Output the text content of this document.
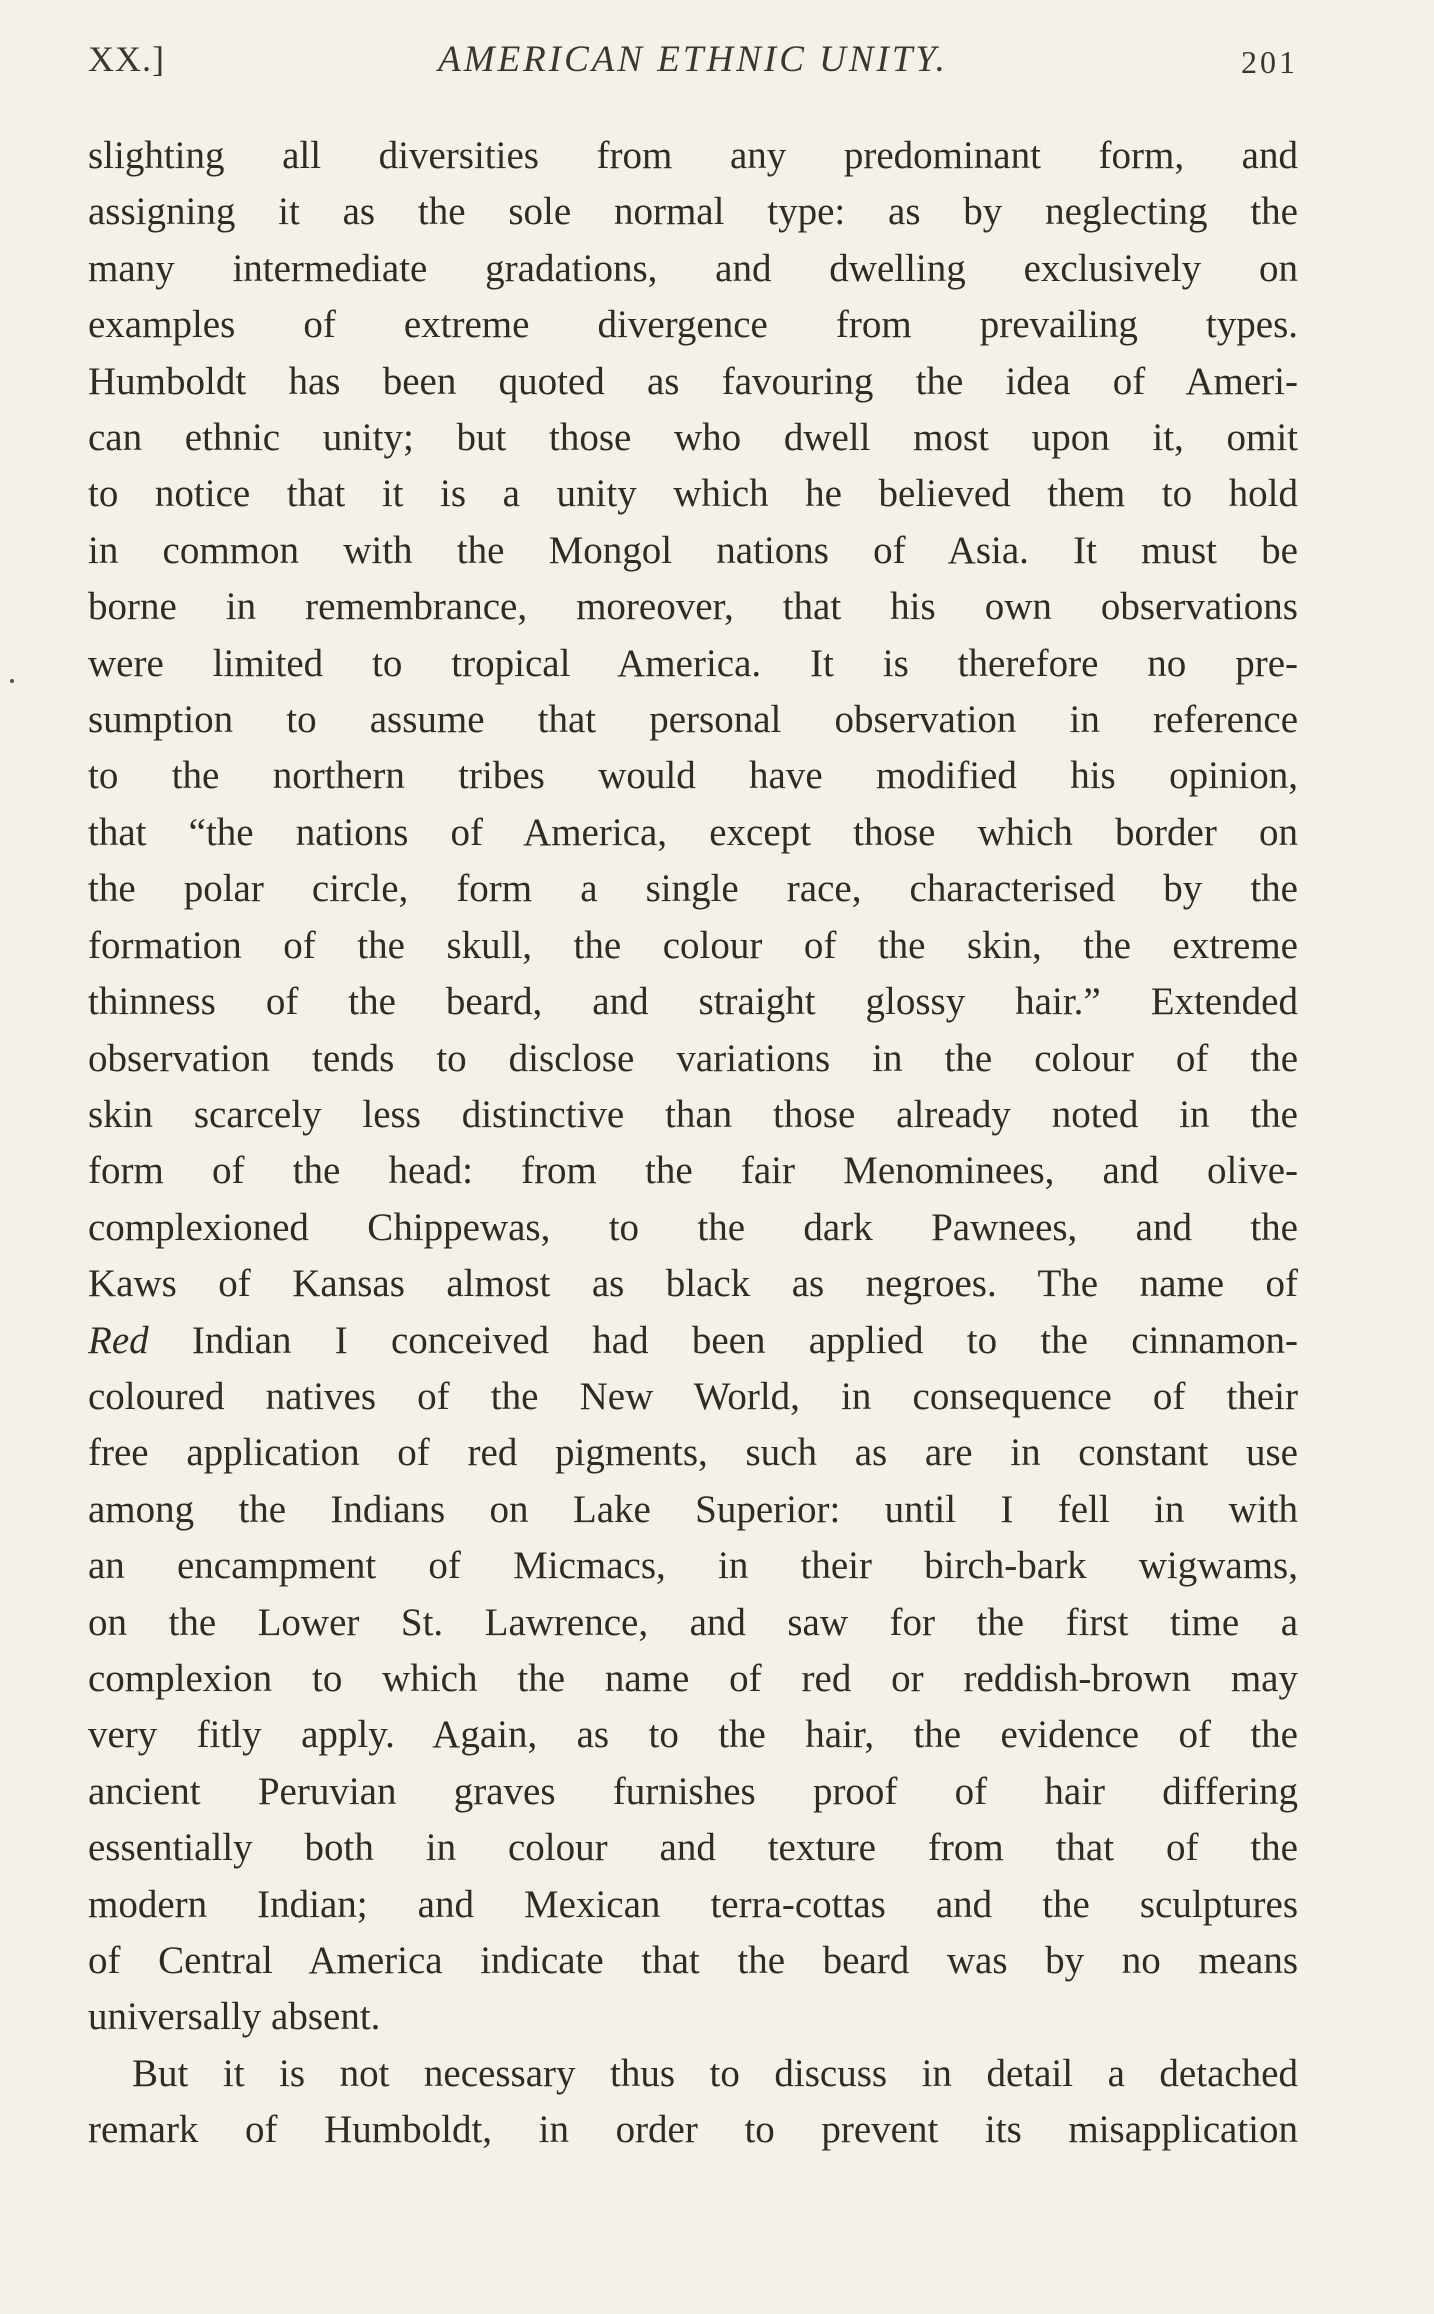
XX.]	AMERICAN ETHNIC UNITY.	201
slighting all diversities from any predominant form, and
assigning it as the sole normal type: as by neglecting the
many intermediate gradations, and dwelling exclusively on
examples of extreme divergence from prevailing types.
Humboldt has been quoted as favouring the idea of Ameri-
can ethnic unity; but those who dwell most upon it, omit
to notice that it is a unity which he believed them to hold
in common with the Mongol nations of Asia. It must be
borne in remembrance, moreover, that his own observations
were limited to tropical America. It is therefore no pre-
sumption to assume that personal observation in reference
to the northern tribes would have modified his opinion,
that “the nations of America, except those which border on
the polar circle, form a single race, characterised by the
formation of the skull, the colour of the skin, the extreme
thinness of the beard, and straight glossy hair.” Extended
observation tends to disclose variations in the colour of the
skin scarcely less distinctive than those already noted in the
form of the head: from the fair Menominees, and olive-
complexioned Chippewas, to the dark Pawnees, and the
Kaws of Kansas almost as black as negroes. The name of
Red Indian I conceived had been applied to the cinnamon-
coloured natives of the New World, in consequence of their
free application of red pigments, such as are in constant use
among the Indians on Lake Superior: until I fell in with
an encampment of Micmacs, in their birch-bark wigwams,
on the Lower St. Lawrence, and saw for the first time a
complexion to which the name of red or reddish-brown may
very fitly apply. Again, as to the hair, the evidence of the
ancient Peruvian graves furnishes proof of hair differing
essentially both in colour and texture from that of the
modern Indian; and Mexican terra-cottas and the sculptures
of Central America indicate that the beard was by no means
universally absent.
But it is not necessary thus to discuss in detail a detached
remark of Humboldt, in order to prevent its misapplication
